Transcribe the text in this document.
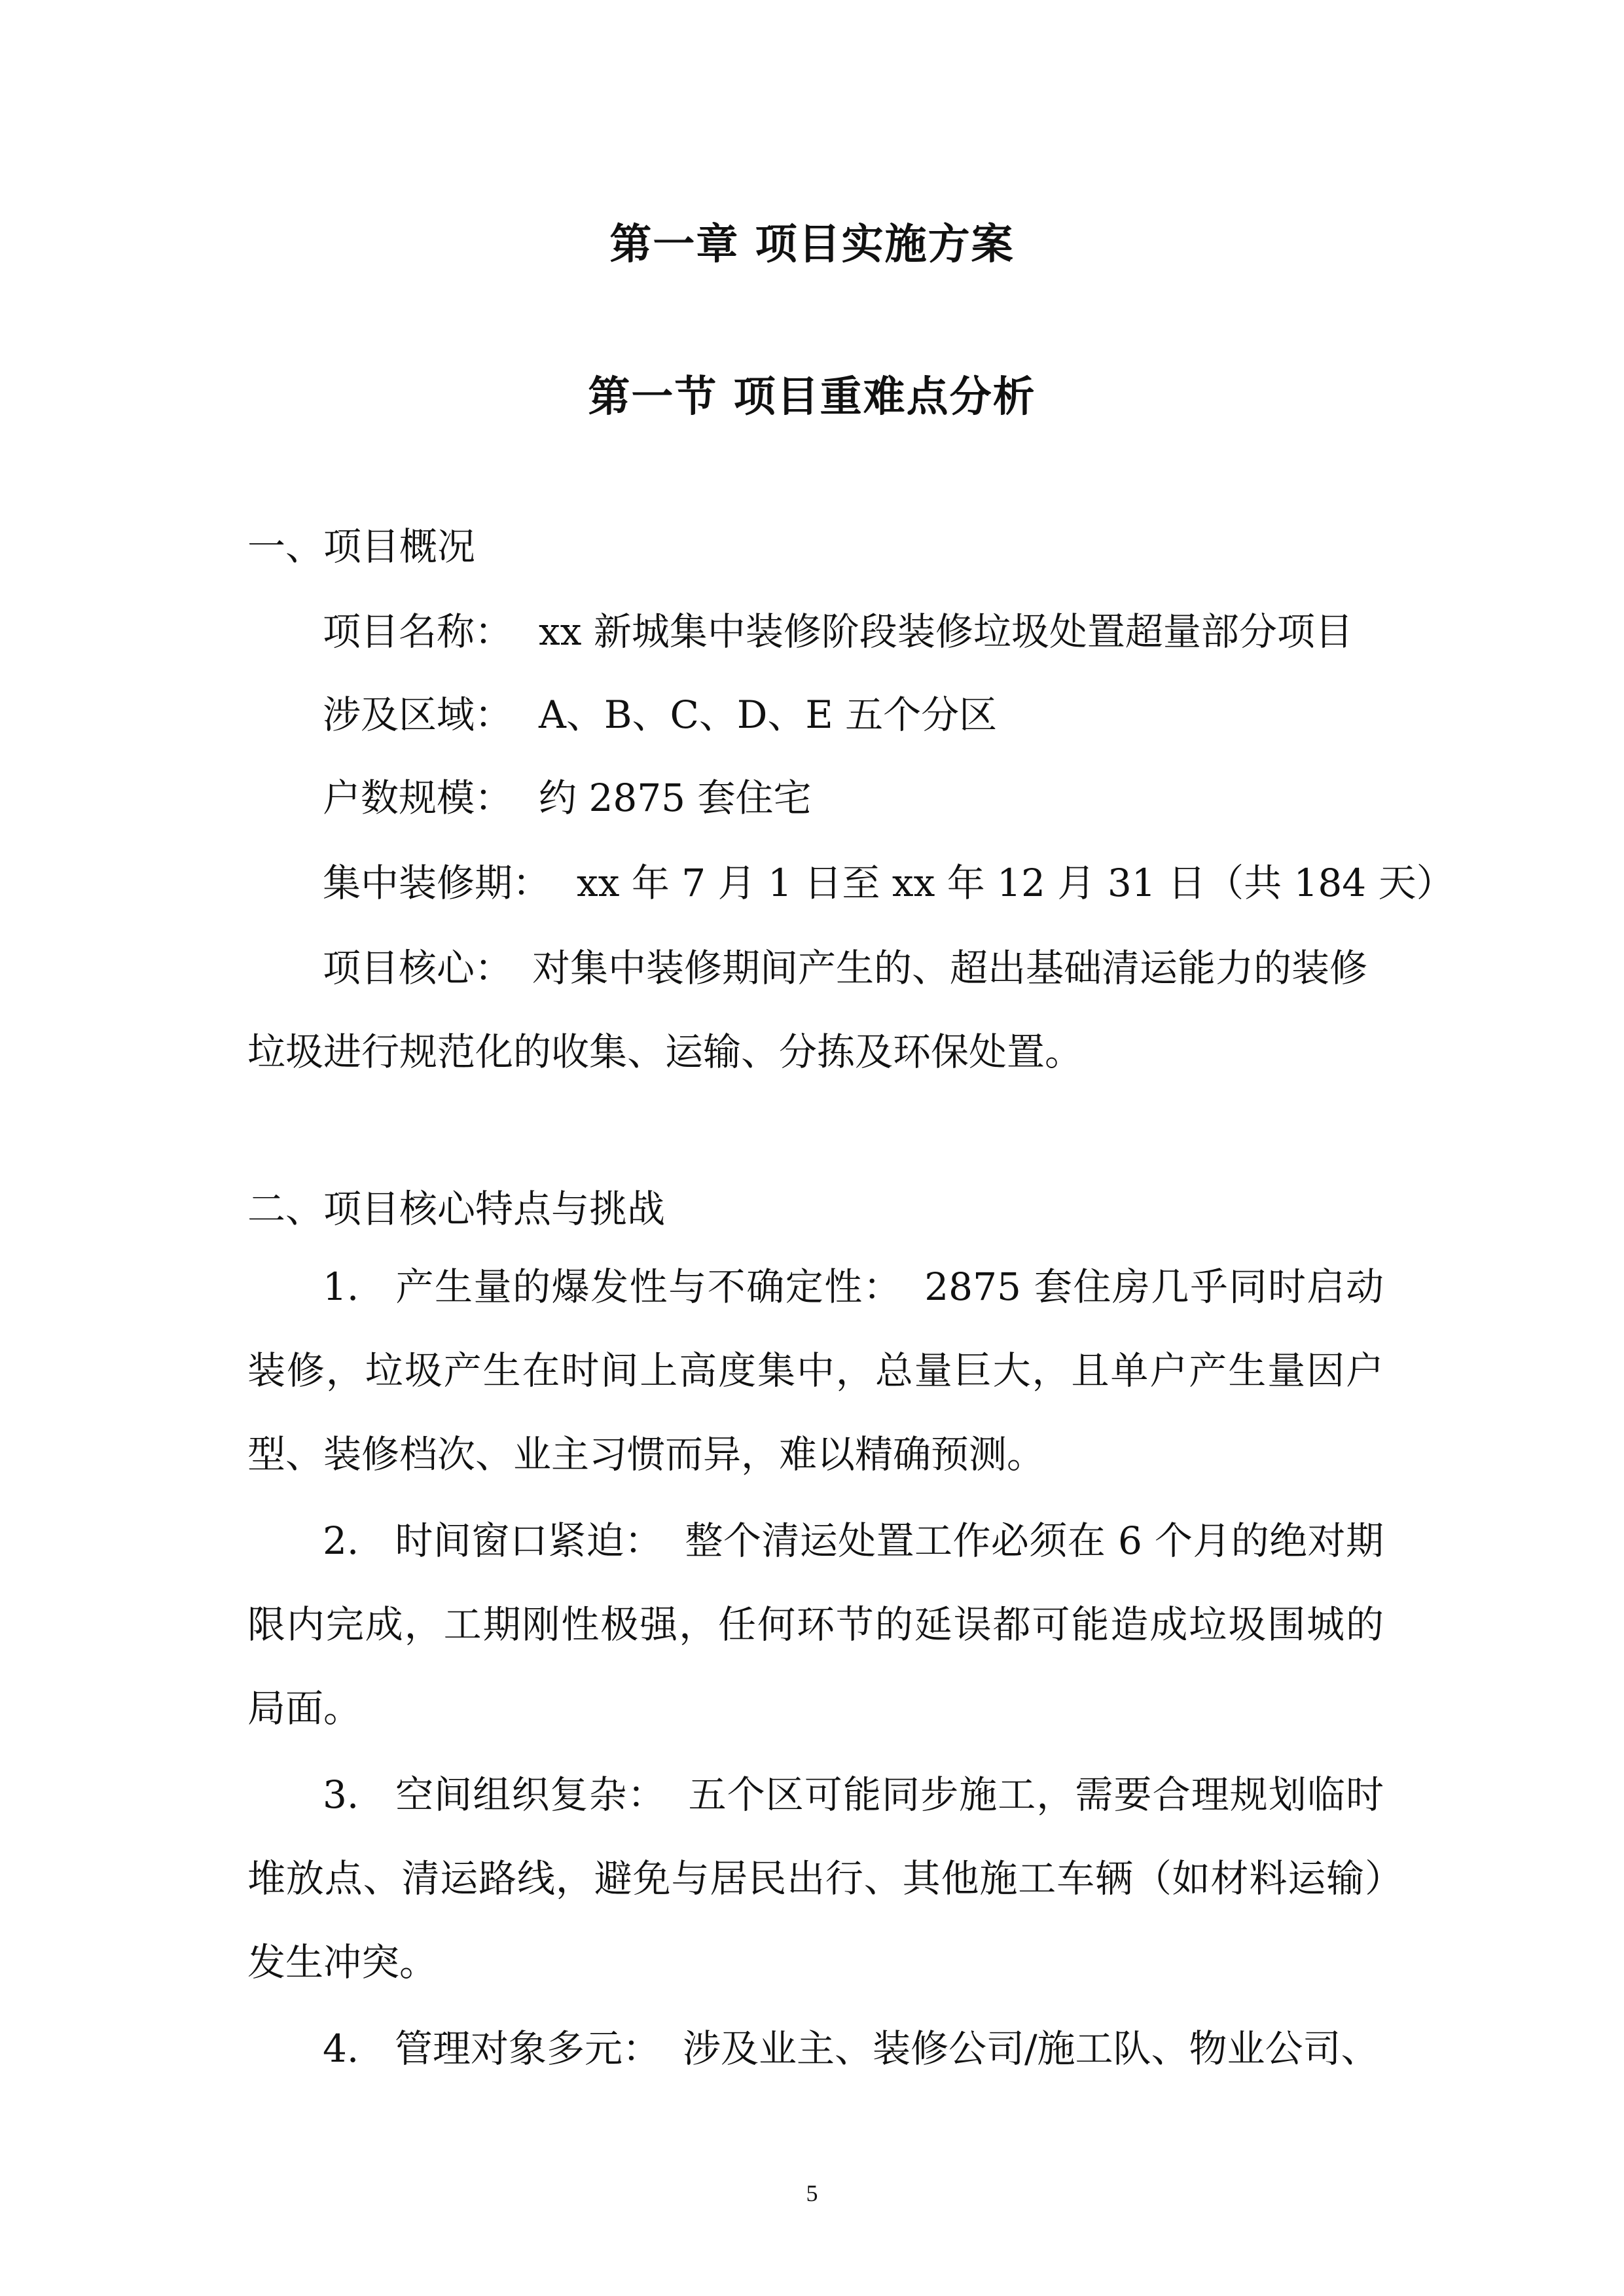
第一章 项目实施方案
第一节 项目重难点分析
一、项目概况
项目名称： xx 新城集中装修阶段装修垃圾处置超量部分项目
涉及区域： A、B、C、D、E 五个分区
户数规模： 约 2875 套住宅
集中装修期： xx 年 7 月 1 日至 xx 年 12 月 31 日（共 184 天）
项目核心： 对集中装修期间产生的、超出基础清运能力的装修
垃圾进行规范化的收集、运输、分拣及环保处置。
二、项目核心特点与挑战
1. 产生量的爆发性与不确定性： 2875 套住房几乎同时启动装修，垃圾产生在时间上高度集中，总量巨大，且单户产生量因户型、装修档次、业主习惯而异，难以精确预测。
2. 时间窗口紧迫： 整个清运处置工作必须在 6 个月的绝对期限内完成，工期刚性极强，任何环节的延误都可能造成垃圾围城的局面。
3. 空间组织复杂： 五个区可能同步施工，需要合理规划临时堆放点、清运路线，避免与居民出行、其他施工车辆（如材料运输）发生冲突。
4. 管理对象多元： 涉及业主、装修公司/施工队、物业公司、
5
